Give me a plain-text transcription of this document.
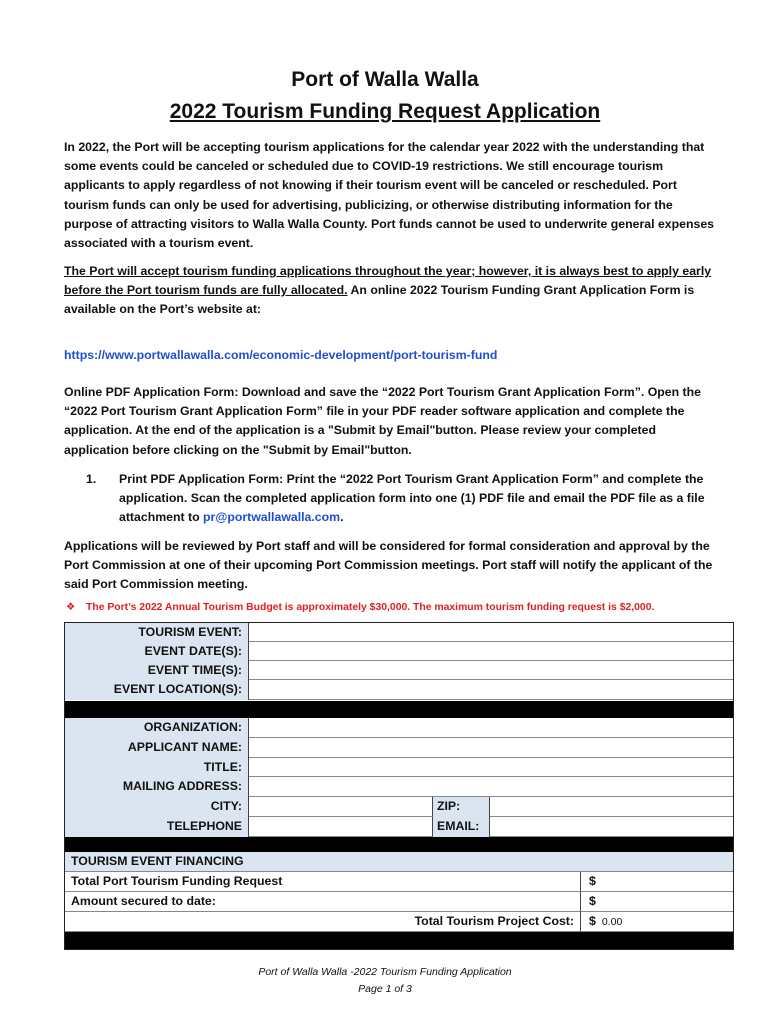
Port of Walla Walla
2022 Tourism Funding Request Application
In 2022, the Port will be accepting tourism applications for the calendar year 2022 with the understanding that some events could be canceled or scheduled due to COVID-19 restrictions. We still encourage tourism applicants to apply regardless of not knowing if their tourism event will be canceled or rescheduled. Port tourism funds can only be used for advertising, publicizing, or otherwise distributing information for the purpose of attracting visitors to Walla Walla County. Port funds cannot be used to underwrite general expenses associated with a tourism event.
The Port will accept tourism funding applications throughout the year; however, it is always best to apply early before the Port tourism funds are fully allocated. An online 2022 Tourism Funding Grant Application Form is available on the Port’s website at:
https://www.portwallawalla.com/economic-development/port-tourism-fund
Online PDF Application Form: Download and save the “2022 Port Tourism Grant Application Form”. Open the “2022 Port Tourism Grant Application Form” file in your PDF reader software application and complete the application. At the end of the application is a "Submit by Email"button. Please review your completed application before clicking on the "Submit by Email"button.
1. Print PDF Application Form: Print the “2022 Port Tourism Grant Application Form” and complete the application. Scan the completed application form into one (1) PDF file and email the PDF file as a file attachment to pr@portwallawalla.com.
Applications will be reviewed by Port staff and will be considered for formal consideration and approval by the Port Commission at one of their upcoming Port Commission meetings. Port staff will notify the applicant of the said Port Commission meeting.
❖ The Port’s 2022 Annual Tourism Budget is approximately $30,000. The maximum tourism funding request is $2,000.
TOURISM EVENT:
EVENT DATE(S):
EVENT TIME(S):
EVENT LOCATION(S):
ORGANIZATION:
APPLICANT NAME:
TITLE:
MAILING ADDRESS:
CITY:	ZIP:
TELEPHONE	EMAIL:
TOURISM EVENT FINANCING
Total Port Tourism Funding Request	$
Amount secured to date:	$
Total Tourism Project Cost:	$ 0.00
Port of Walla Walla -2022 Tourism Funding Application
Page 1 of 3
